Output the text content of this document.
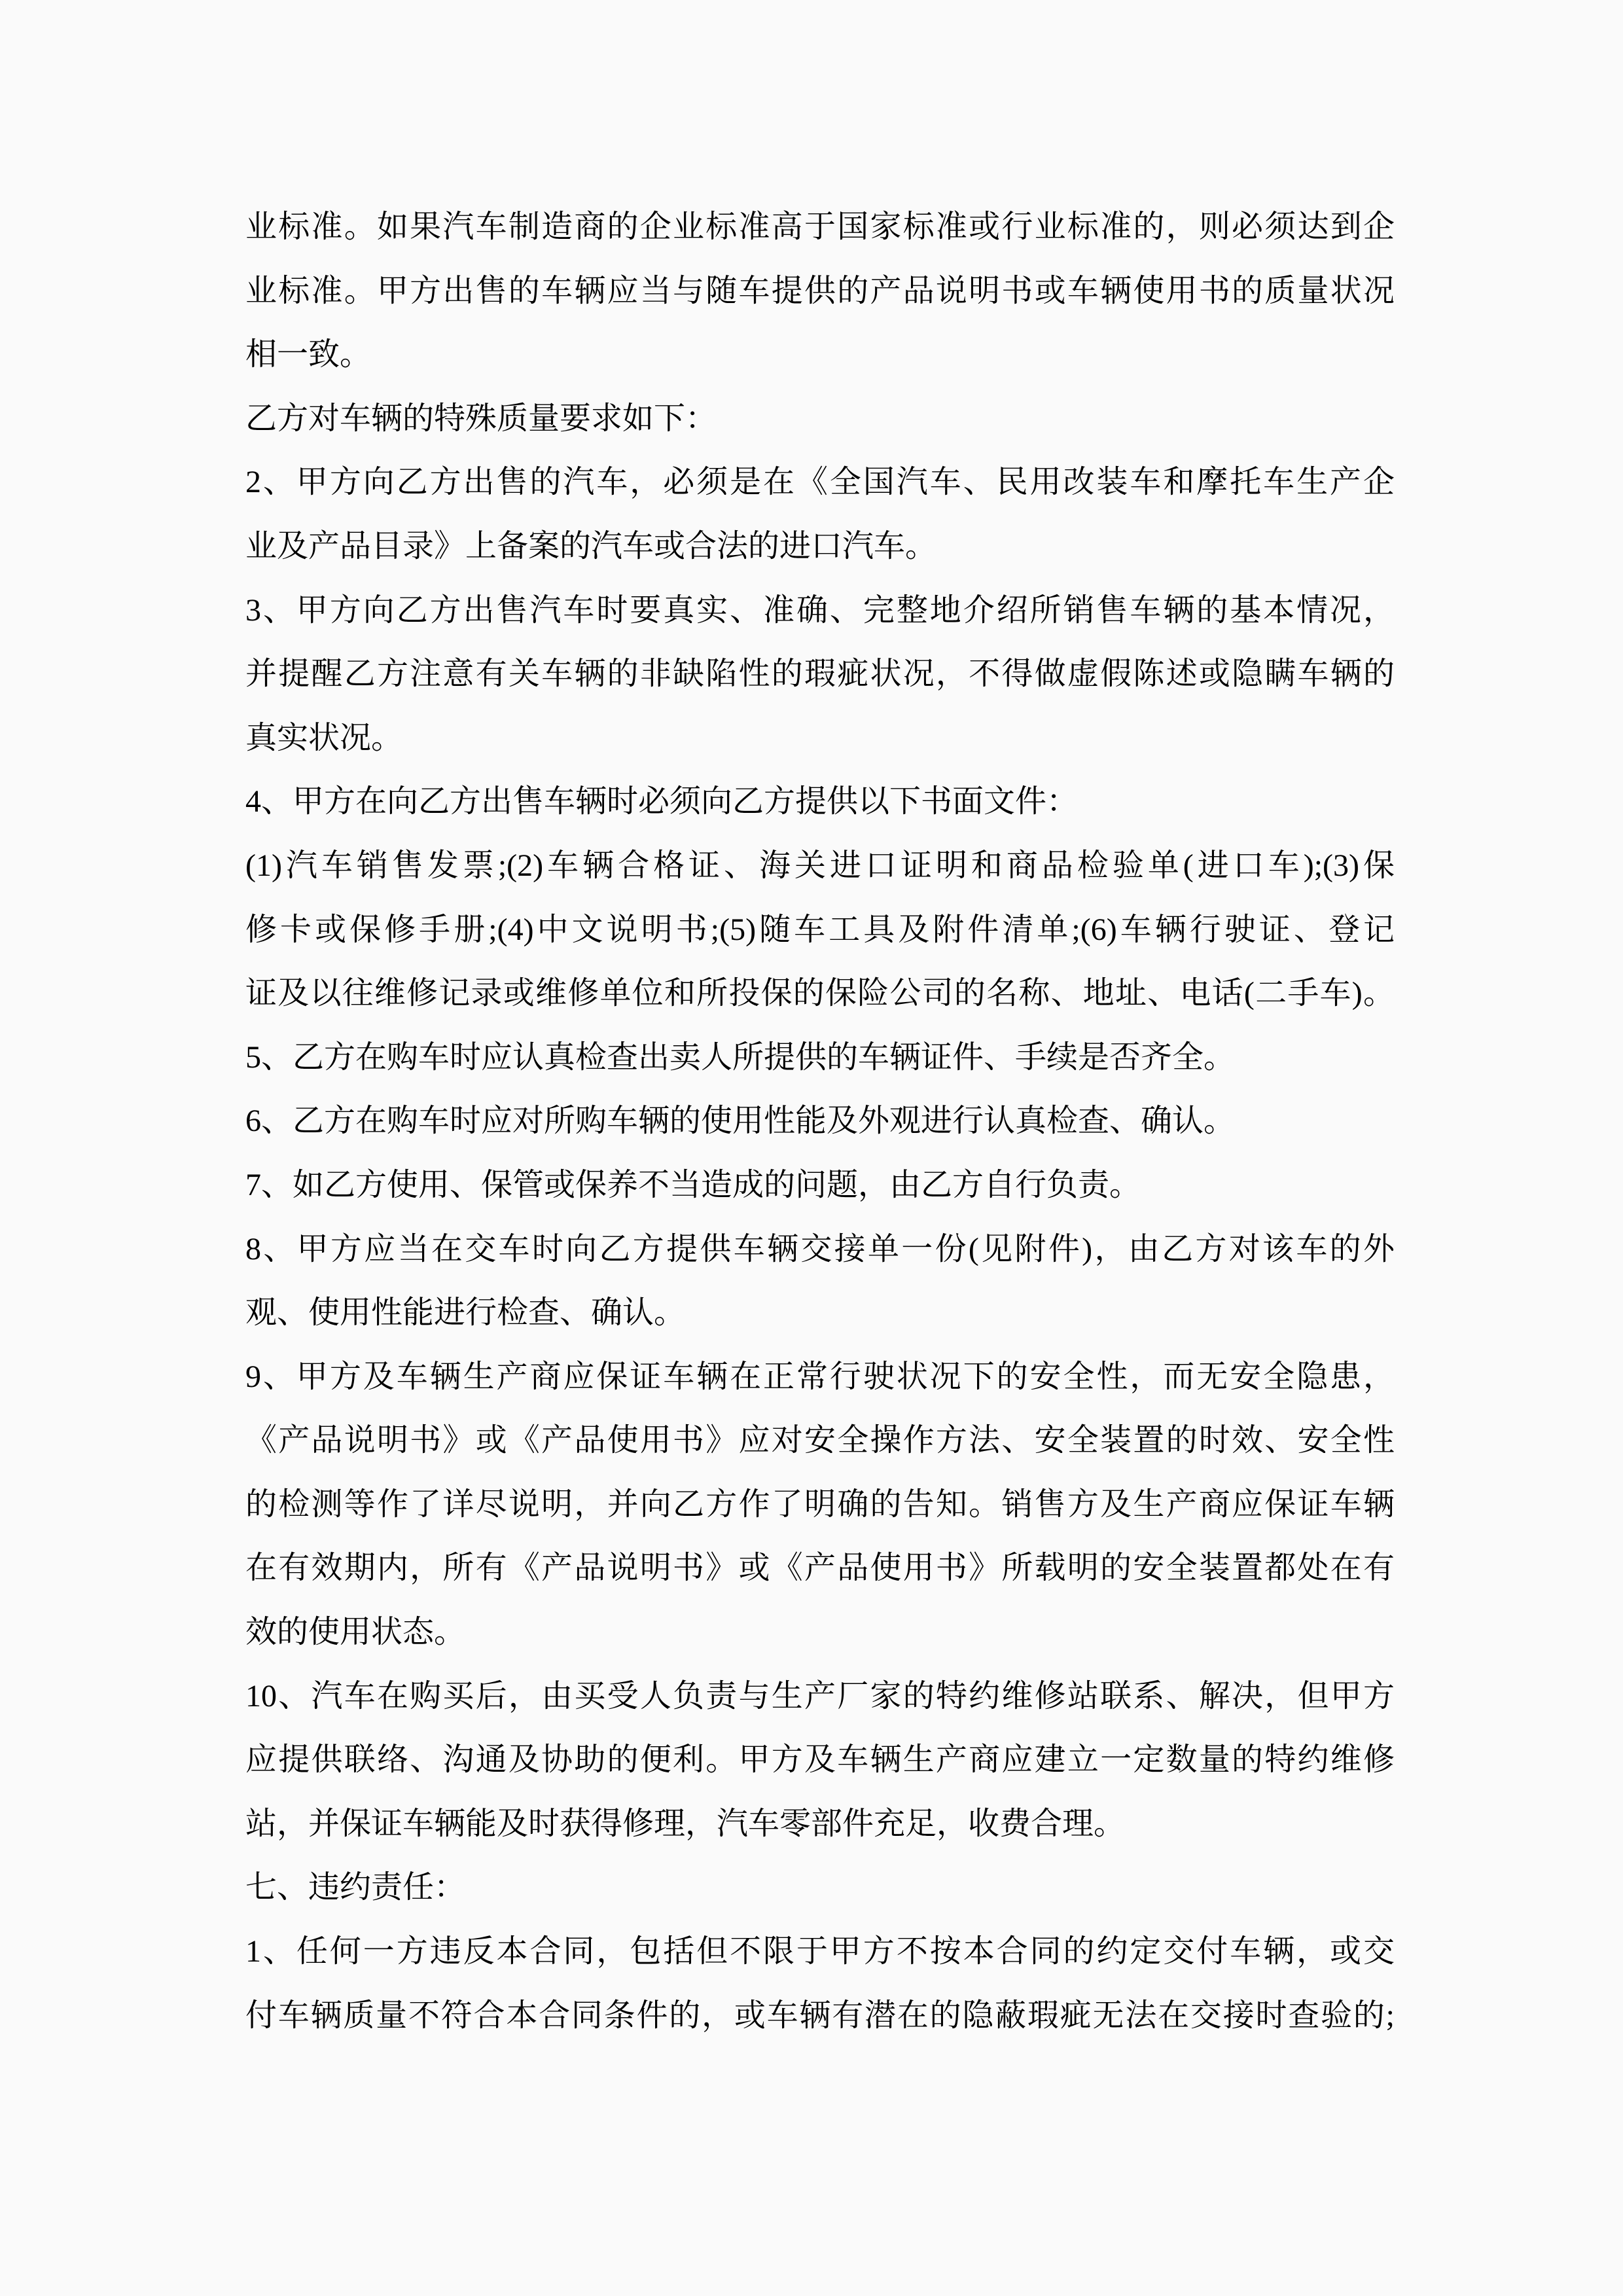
业标准。如果汽车制造商的企业标准高于国家标准或行业标准的，则必须达到企
业标准。甲方出售的车辆应当与随车提供的产品说明书或车辆使用书的质量状况
相一致。
乙方对车辆的特殊质量要求如下：
2、甲方向乙方出售的汽车，必须是在《全国汽车、民用改装车和摩托车生产企
业及产品目录》上备案的汽车或合法的进口汽车。
3、甲方向乙方出售汽车时要真实、准确、完整地介绍所销售车辆的基本情况，
并提醒乙方注意有关车辆的非缺陷性的瑕疵状况，不得做虚假陈述或隐瞒车辆的
真实状况。
4、甲方在向乙方出售车辆时必须向乙方提供以下书面文件：
(1)汽车销售发票;(2)车辆合格证、海关进口证明和商品检验单(进口车);(3)保
修卡或保修手册;(4)中文说明书;(5)随车工具及附件清单;(6)车辆行驶证、登记
证及以往维修记录或维修单位和所投保的保险公司的名称、地址、电话(二手车)。
5、乙方在购车时应认真检查出卖人所提供的车辆证件、手续是否齐全。
6、乙方在购车时应对所购车辆的使用性能及外观进行认真检查、确认。
7、如乙方使用、保管或保养不当造成的问题，由乙方自行负责。
8、甲方应当在交车时向乙方提供车辆交接单一份(见附件)，由乙方对该车的外
观、使用性能进行检查、确认。
9、甲方及车辆生产商应保证车辆在正常行驶状况下的安全性，而无安全隐患，
《产品说明书》或《产品使用书》应对安全操作方法、安全装置的时效、安全性
的检测等作了详尽说明，并向乙方作了明确的告知。销售方及生产商应保证车辆
在有效期内，所有《产品说明书》或《产品使用书》所载明的安全装置都处在有
效的使用状态。
10、汽车在购买后，由买受人负责与生产厂家的特约维修站联系、解决，但甲方
应提供联络、沟通及协助的便利。甲方及车辆生产商应建立一定数量的特约维修
站，并保证车辆能及时获得修理，汽车零部件充足，收费合理。
七、违约责任：
1、任何一方违反本合同，包括但不限于甲方不按本合同的约定交付车辆，或交
付车辆质量不符合本合同条件的，或车辆有潜在的隐蔽瑕疵无法在交接时查验的;
